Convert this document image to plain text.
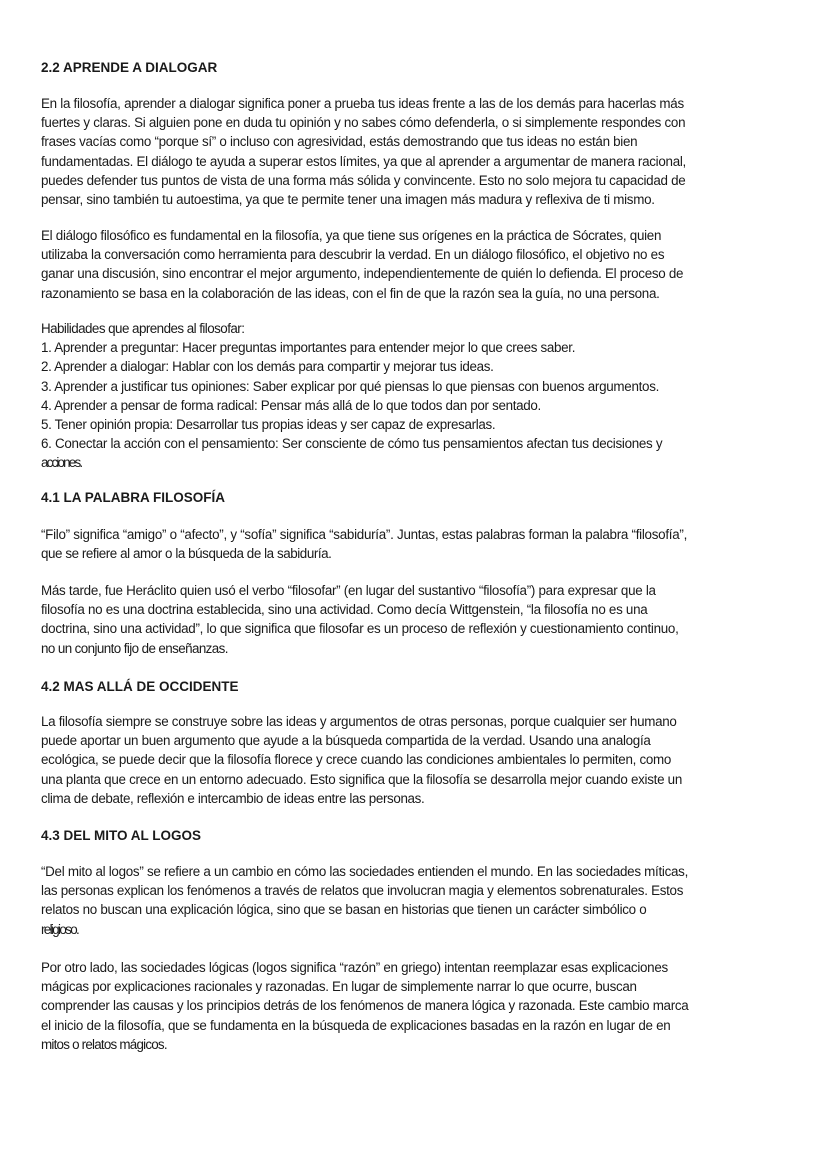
2.2 APRENDE A DIALOGAR
En la filosofía, aprender a dialogar significa poner a prueba tus ideas frente a las de los demás para hacerlas más
fuertes y claras. Si alguien pone en duda tu opinión y no sabes cómo defenderla, o si simplemente respondes con
frases vacías como “porque sí” o incluso con agresividad, estás demostrando que tus ideas no están bien
fundamentadas. El diálogo te ayuda a superar estos límites, ya que al aprender a argumentar de manera racional,
puedes defender tus puntos de vista de una forma más sólida y convincente. Esto no solo mejora tu capacidad de
pensar, sino también tu autoestima, ya que te permite tener una imagen más madura y reflexiva de ti mismo.
El diálogo filosófico es fundamental en la filosofía, ya que tiene sus orígenes en la práctica de Sócrates, quien
utilizaba la conversación como herramienta para descubrir la verdad. En un diálogo filosófico, el objetivo no es
ganar una discusión, sino encontrar el mejor argumento, independientemente de quién lo defienda. El proceso de
razonamiento se basa en la colaboración de las ideas, con el fin de que la razón sea la guía, no una persona.
Habilidades que aprendes al filosofar:
1. Aprender a preguntar: Hacer preguntas importantes para entender mejor lo que crees saber.
2. Aprender a dialogar: Hablar con los demás para compartir y mejorar tus ideas.
3. Aprender a justificar tus opiniones: Saber explicar por qué piensas lo que piensas con buenos argumentos.
4. Aprender a pensar de forma radical: Pensar más allá de lo que todos dan por sentado.
5. Tener opinión propia: Desarrollar tus propias ideas y ser capaz de expresarlas.
6. Conectar la acción con el pensamiento: Ser consciente de cómo tus pensamientos afectan tus decisiones y
acciones.
4.1 LA PALABRA FILOSOFÍA
“Filo” significa “amigo” o “afecto”, y “sofía” significa “sabiduría”. Juntas, estas palabras forman la palabra “filosofía”,
que se refiere al amor o la búsqueda de la sabiduría.
Más tarde, fue Heráclito quien usó el verbo “filosofar” (en lugar del sustantivo “filosofía”) para expresar que la
filosofía no es una doctrina establecida, sino una actividad. Como decía Wittgenstein, “la filosofía no es una
doctrina, sino una actividad”, lo que significa que filosofar es un proceso de reflexión y cuestionamiento continuo,
no un conjunto fijo de enseñanzas.
4.2 MAS ALLÁ DE OCCIDENTE
La filosofía siempre se construye sobre las ideas y argumentos de otras personas, porque cualquier ser humano
puede aportar un buen argumento que ayude a la búsqueda compartida de la verdad. Usando una analogía
ecológica, se puede decir que la filosofía florece y crece cuando las condiciones ambientales lo permiten, como
una planta que crece en un entorno adecuado. Esto significa que la filosofía se desarrolla mejor cuando existe un
clima de debate, reflexión e intercambio de ideas entre las personas.
4.3 DEL MITO AL LOGOS
“Del mito al logos” se refiere a un cambio en cómo las sociedades entienden el mundo. En las sociedades míticas,
las personas explican los fenómenos a través de relatos que involucran magia y elementos sobrenaturales. Estos
relatos no buscan una explicación lógica, sino que se basan en historias que tienen un carácter simbólico o
religioso.
Por otro lado, las sociedades lógicas (logos significa “razón” en griego) intentan reemplazar esas explicaciones
mágicas por explicaciones racionales y razonadas. En lugar de simplemente narrar lo que ocurre, buscan
comprender las causas y los principios detrás de los fenómenos de manera lógica y razonada. Este cambio marca
el inicio de la filosofía, que se fundamenta en la búsqueda de explicaciones basadas en la razón en lugar de en
mitos o relatos mágicos.
